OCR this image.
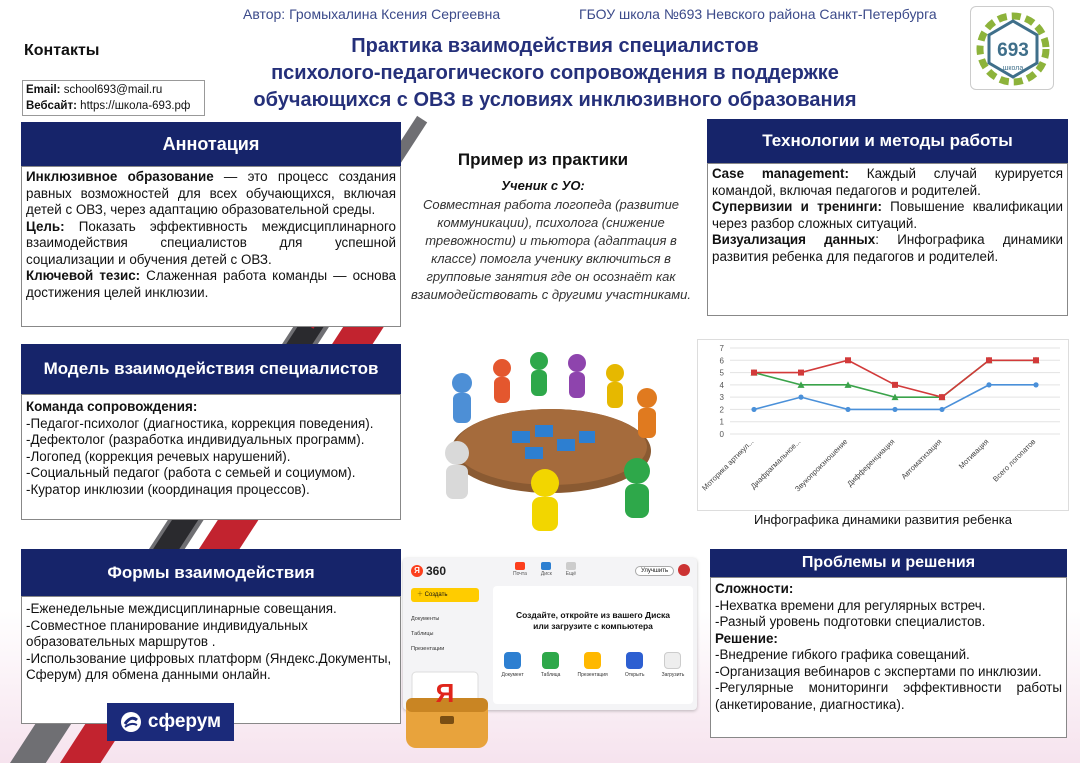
Автор: Громыхалина Ксения Сергеевна	ГБОУ школа №693 Невского района Санкт-Петербурга
Практика взаимодействия специалистов
психолого-педагогического сопровождения в поддержке
обучающихся с ОВЗ в условиях инклюзивного образования
693
школа
Контакты
Email: school693@mail.ru
Вебсайт: https://школа-693.рф
Аннотация
Инклюзивное образование — это процесс создания равных возможностей для всех обучающихся, включая детей с ОВЗ, через адаптацию образовательной среды.
Цель: Показать эффективность междисциплинарного взаимодействия специалистов для успешной социализации и обучения детей с ОВЗ.
Ключевой тезис: Слаженная работа команды — основа достижения целей инклюзии.
Модель взаимодействия специалистов
Команда сопровождения:

-Педагог-психолог (диагностика, коррекция поведения).
-Дефектолог (разработка индивидуальных программ).
-Логопед (коррекция речевых нарушений).
-Социальный педагог (работа с семьей и социумом).
-Куратор инклюзии (координация процессов).
Формы взаимодействия
-Еженедельные междисциплинарные совещания.
-Совместное планирование индивидуальных образовательных маршрутов .
-Использование цифровых платформ (Яндекс.Документы, Сферум) для обмена данными онлайн.
сферум
Пример из практики
Ученик с УО:
Совместная работа логопеда (развитие коммуникации), психолога (снижение тревожности) и тьютора (адаптация в классе) помогла ученику включиться в групповые занятия где он осознаёт как взаимодействовать с другими участниками.
Технологии и методы работы
Case management: Каждый случай курируется командой, включая педагогов и родителей.
Супервизии и тренинги: Повышение квалификации через разбор сложных ситуаций.
Визуализация данных: Инфографика динамики развития ребенка для педагогов и родителей.
0
1
2
3
4
5
6
7
Моторика артикул...
Диафрагмальное...
Звукопроизношение
Дифференциация Автоматизация Мотивация Всего логопатов
Инфографика динамики развития ребенка
Я 360	Почта	Диск	Ещё	Улучшить
＋ Создать
Документы
Таблицы
Презентации
Создайте, откройте из вашего Диска или загрузите с компьютера
Документ	Таблица	Презентация	Открыть	Загрузить
Я
Проблемы и решения
Сложности:

-Нехватка времени для регулярных встреч.
-Разный уровень подготовки специалистов.
Решение:

-Внедрение гибкого графика совещаний.
-Организация вебинаров с экспертами по инклюзии.
-Регулярные мониторинги эффективности работы (анкетирование, диагностика).
